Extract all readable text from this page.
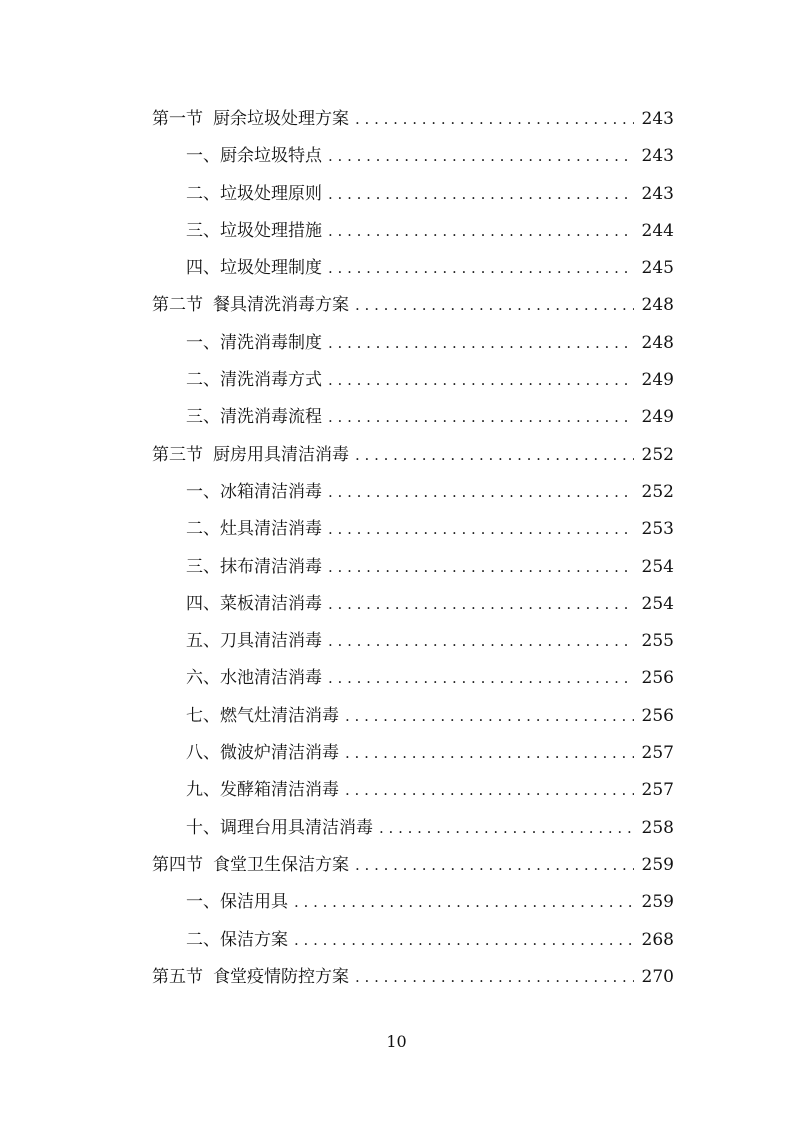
第一节 厨余垃圾处理方案 . . .	243
一、厨余垃圾特点 . . .	243
二、垃圾处理原则 . . .	243
三、垃圾处理措施 . . .	244
四、垃圾处理制度 . . .	245
第二节 餐具清洗消毒方案 . . .	248
一、清洗消毒制度 . . .	248
二、清洗消毒方式 . . .	249
三、清洗消毒流程 . . .	249
第三节 厨房用具清洁消毒 . . .	252
一、冰箱清洁消毒 . . .	252
二、灶具清洁消毒 . . .	253
三、抹布清洁消毒 . . .	254
四、菜板清洁消毒 . . .	254
五、刀具清洁消毒 . . .	255
六、水池清洁消毒 . . .	256
七、燃气灶清洁消毒 . . .	256
八、微波炉清洁消毒 . . .	257
九、发酵箱清洁消毒 . . .	257
十、调理台用具清洁消毒 . . .	258
第四节 食堂卫生保洁方案 . . .	259
一、保洁用具 . . .	259
二、保洁方案 . . .	268
第五节 食堂疫情防控方案 . . .	270
10
